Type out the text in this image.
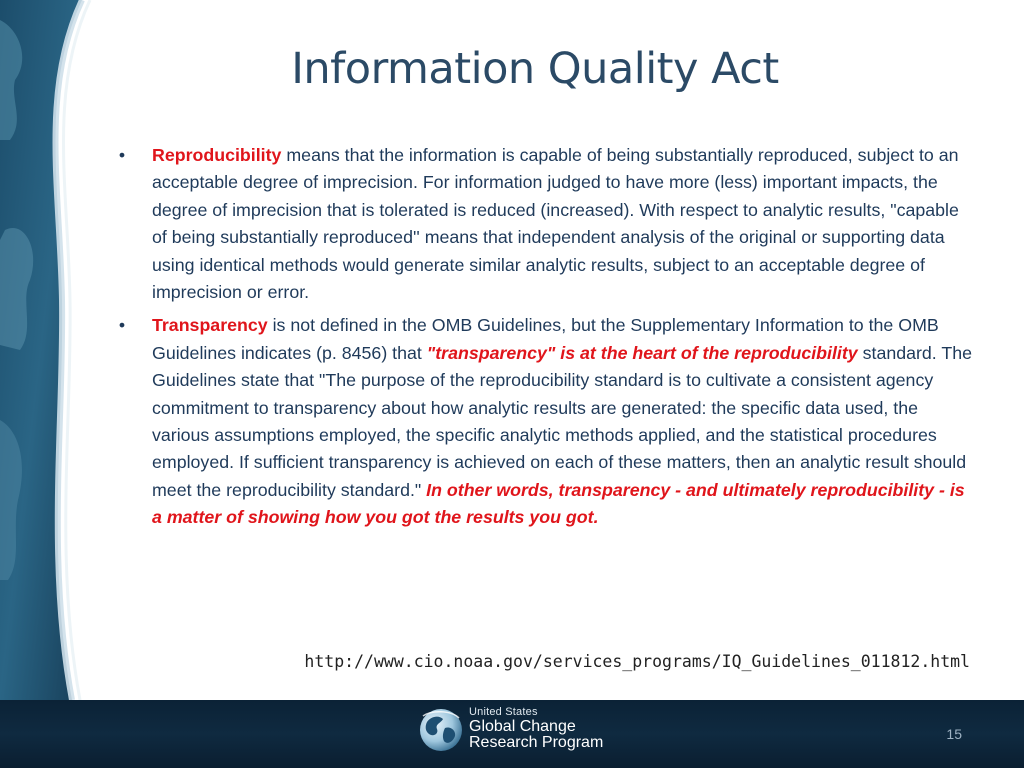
Information Quality Act
•	Reproducibility means that the information is capable of being substantially reproduced, subject to an acceptable degree of imprecision. For information judged to have more (less) important impacts, the degree of imprecision that is tolerated is reduced (increased). With respect to analytic results, "capable of being substantially reproduced'' means that independent analysis of the original or supporting data using identical methods would generate similar analytic results, subject to an acceptable degree of imprecision or error.
•	Transparency is not defined in the OMB Guidelines, but the Supplementary Information to the OMB Guidelines indicates (p. 8456) that "transparency" is at the heart of the reproducibility standard. The Guidelines state that "The purpose of the reproducibility standard is to cultivate a consistent agency commitment to transparency about how analytic results are generated: the specific data used, the various assumptions employed, the specific analytic methods applied, and the statistical procedures employed. If sufficient transparency is achieved on each of these matters, then an analytic result should meet the reproducibility standard." In other words, transparency - and ultimately reproducibility - is a matter of showing how you got the results you got.
http://www.cio.noaa.gov/services_programs/IQ_Guidelines_011812.html
United States
Global Change
Research Program
15
